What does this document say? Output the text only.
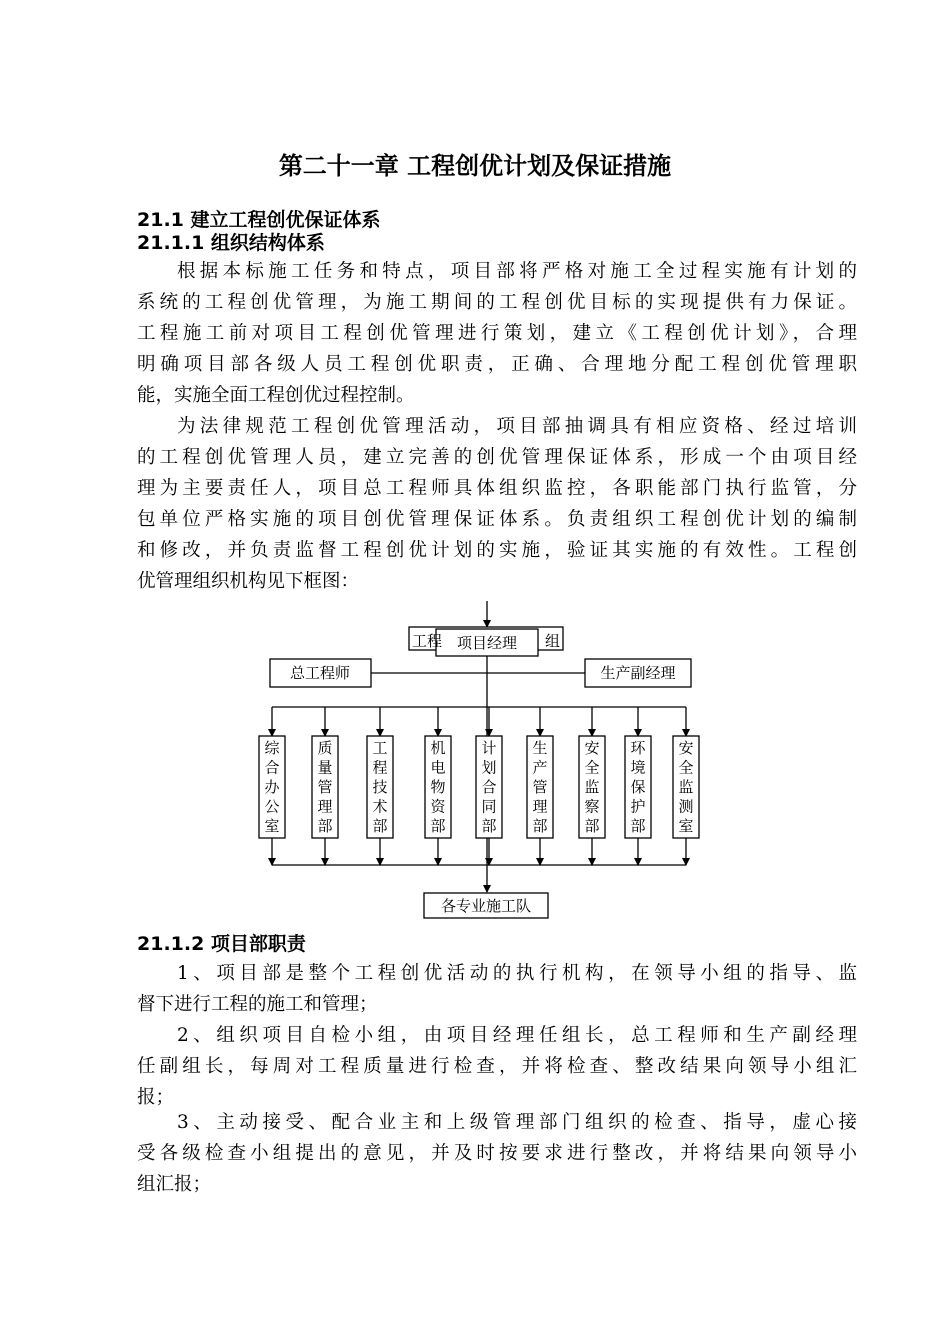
第二十一章 工程创优计划及保证措施
21.1 建立工程创优保证体系
21.1.1 组织结构体系
根据本标施工任务和特点，项目部将严格对施工全过程实施有计划的
系统的工程创优管理，为施工期间的工程创优目标的实现提供有力保证。
工程施工前对项目工程创优管理进行策划，建立《工程创优计划》，合理
明确项目部各级人员工程创优职责，正确、合理地分配工程创优管理职
能，实施全面工程创优过程控制。
为法律规范工程创优管理活动，项目部抽调具有相应资格、经过培训
的工程创优管理人员，建立完善的创优管理保证体系，形成一个由项目经
理为主要责任人，项目总工程师具体组织监控，各职能部门执行监管，分
包单位严格实施的项目创优管理保证体系。负责组织工程创优计划的编制
和修改，并负责监督工程创优计划的实施，验证其实施的有效性。工程创
优管理组织机构见下框图：
综合办公室
质量管理部
工程技术部
机电物资部
计划合同部
生产管理部
安全监察部
环境保护部
安全监测室
工程	组
项目经理
总工程师	生产副经理
各专业施工队
21.1.2 项目部职责
1、项目部是整个工程创优活动的执行机构，在领导小组的指导、监
督下进行工程的施工和管理；
2、组织项目自检小组，由项目经理任组长，总工程师和生产副经理
任副组长，每周对工程质量进行检查，并将检查、整改结果向领导小组汇
报；
3、主动接受、配合业主和上级管理部门组织的检查、指导，虚心接
受各级检查小组提出的意见，并及时按要求进行整改，并将结果向领导小
组汇报；
